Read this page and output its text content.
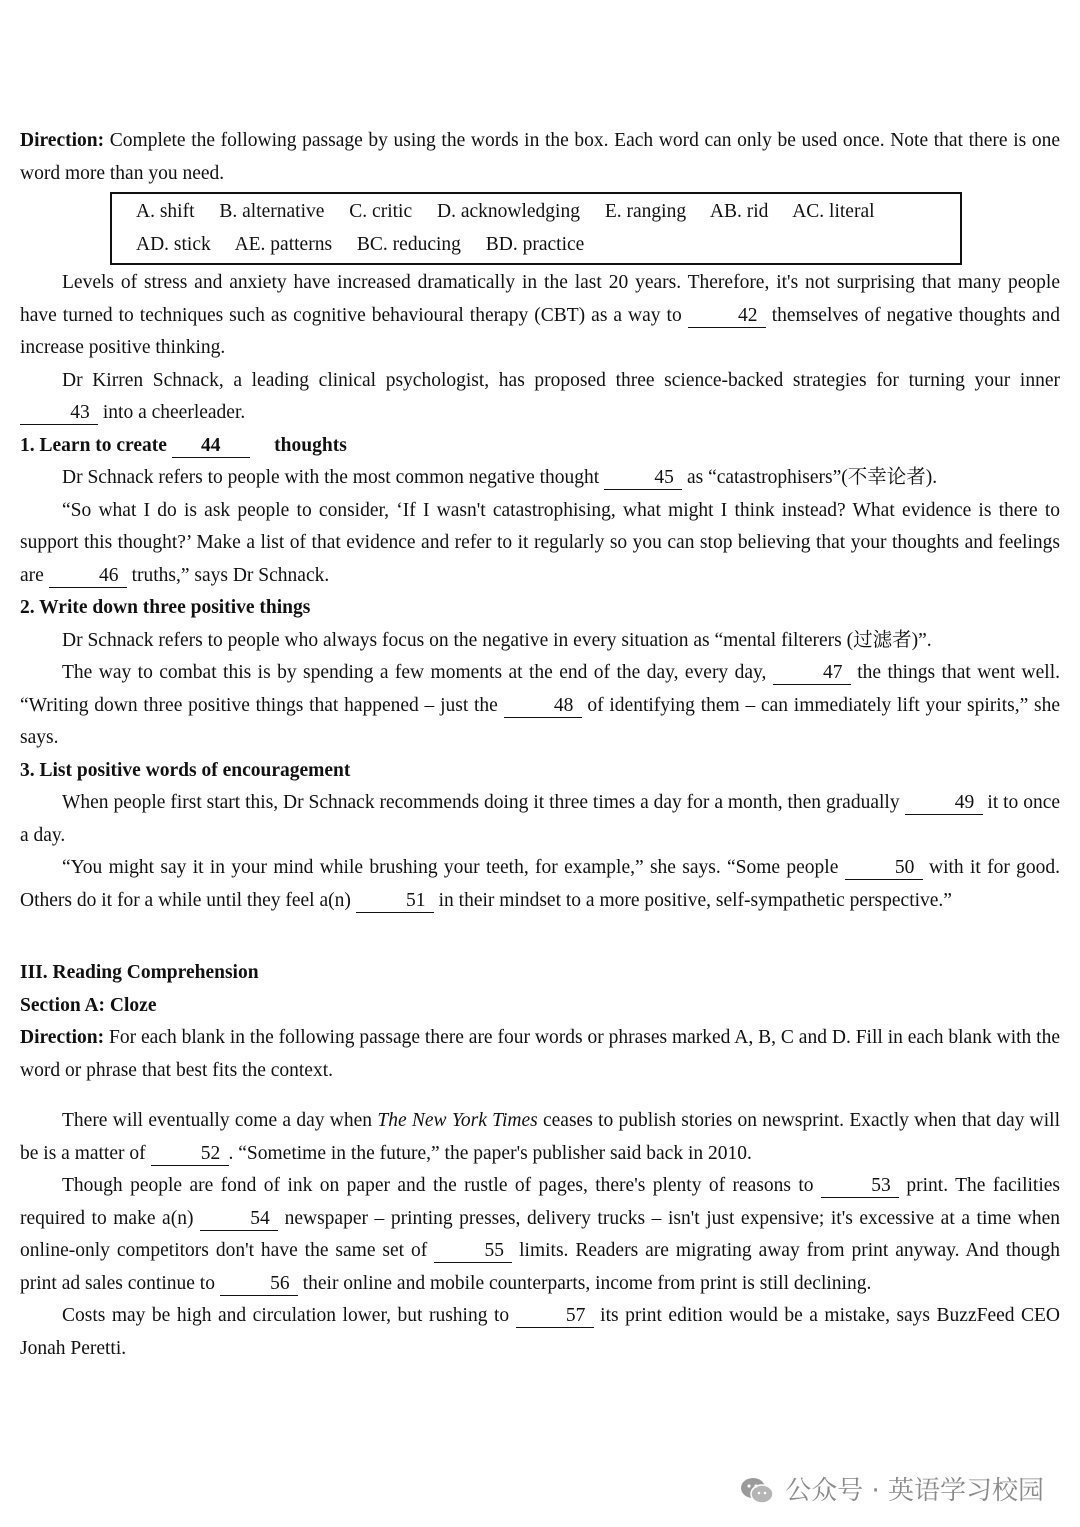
Direction: Complete the following passage by using the words in the box. Each word can only be used once. Note that there is one word more than you need.

A. shift B. alternative C. critic D. acknowledging E. ranging AB. rid AC. literal
AD. stick AE. patterns BC. reducing BD. practice

Levels of stress and anxiety have increased dramatically in the last 20 years. Therefore, it's not surprising that many people have turned to techniques such as cognitive behavioural therapy (CBT) as a way to	42 themselves of negative thoughts and increase positive thinking.

Dr Kirren Schnack, a leading clinical psychologist, has proposed three science-backed strategies for turning your inner 43 into a cheerleader.

1. Learn to create 44	thoughts

Dr Schnack refers to people with the most common negative thought	45 as “catastrophisers”(不幸论者).

“So what I do is ask people to consider, ‘If I wasn't catastrophising, what might I think instead? What evidence is there to support this thought?’ Make a list of that evidence and refer to it regularly so you can stop believing that your thoughts and feelings are	46 truths,” says Dr Schnack.

2. Write down three positive things

Dr Schnack refers to people who always focus on the negative in every situation as “mental filterers (过滤者)”.

The way to combat this is by spending a few moments at the end of the day, every day,	47 the things that went well. “Writing down three positive things that happened – just the	48 of identifying them – can immediately lift your spirits,” she says.

3. List positive words of encouragement

When people first start this, Dr Schnack recommends doing it three times a day for a month, then gradually	49 it to once a day.

“You might say it in your mind while brushing your teeth, for example,” she says. “Some people	50 with it for good. Others do it for a while until they feel a(n)	51 in their mindset to a more positive, self-sympathetic perspective.”

III. Reading Comprehension

Section A: Cloze

Direction: For each blank in the following passage there are four words or phrases marked A, B, C and D. Fill in each blank with the word or phrase that best fits the context.

There will eventually come a day when The New York Times ceases to publish stories on newsprint. Exactly when that day will be is a matter of	52 . “Sometime in the future,” the paper's publisher said back in 2010.

Though people are fond of ink on paper and the rustle of pages, there's plenty of reasons to	53 print. The facilities required to make a(n)	54 newspaper – printing presses, delivery trucks – isn't just expensive; it's excessive at a time when online-only competitors don't have the same set of	55 limits. Readers are migrating away from print anyway. And though print ad sales continue to	56 their online and mobile counterparts, income from print is still declining.

Costs may be high and circulation lower, but rushing to	57 its print edition would be a mistake, says BuzzFeed CEO Jonah Peretti.

公众号 · 英语学习校园
